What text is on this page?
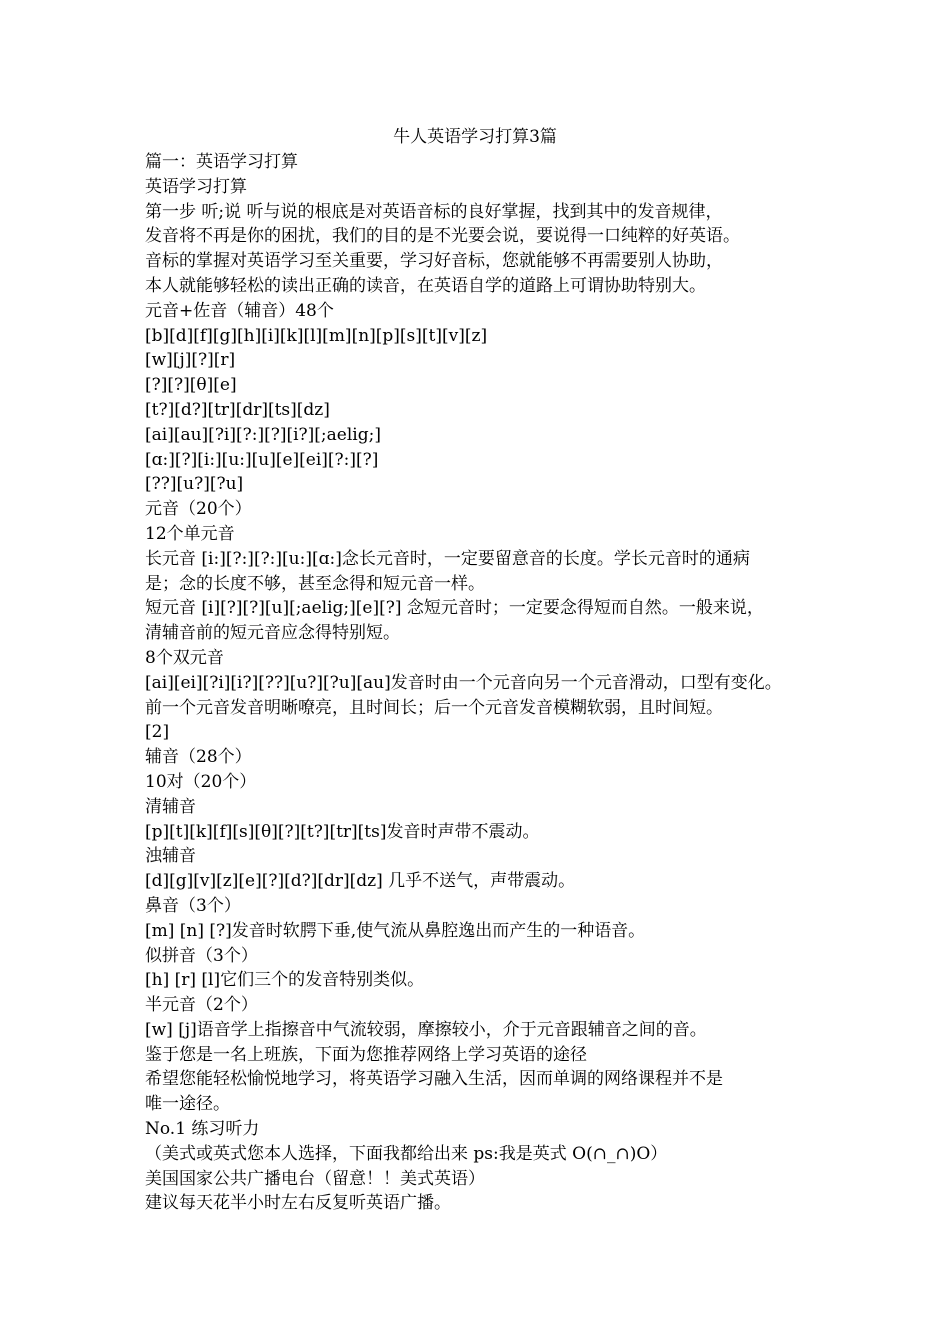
牛人英语学习打算3篇

篇一：英语学习打算

英语学习打算

第一步 听;说 听与说的根底是对英语音标的良好掌握，找到其中的发音规律，

发音将不再是你的困扰，我们的目的是不光要会说，要说得一口纯粹的好英语。

音标的掌握对英语学习至关重要，学习好音标，您就能够不再需要别人协助，

本人就能够轻松的读出正确的读音，在英语自学的道路上可谓协助特别大。

元音+佐音（辅音）48个

[b][d][f][g][h][i][k][l][m][n][p][s][t][v][z]

[w][j][?][r]

[?][?][θ][e]

[t?][d?][tr][dr][ts][dz]

[ai][au][?i][?:][?][i?][;aelig;]

[ɑ:][?][i:][u:][u][e][ei][?:][?]

[??][u?][?u]

元音（20个）

12个单元音

长元音 [i:][?:][?:][u:][ɑ:]念长元音时，一定要留意音的长度。学长元音时的通病

是；念的长度不够，甚至念得和短元音一样。

短元音 [i][?][?][u][;aelig;][e][?] 念短元音时；一定要念得短而自然。一般来说，

清辅音前的短元音应念得特别短。

8个双元音

[ai][ei][?i][i?][??][u?][?u][au]发音时由一个元音向另一个元音滑动，口型有变化。

前一个元音发音明晰嘹亮，且时间长；后一个元音发音模糊软弱，且时间短。

[2]

辅音（28个）

10对（20个）

清辅音

[p][t][k][f][s][θ][?][t?][tr][ts]发音时声带不震动。

浊辅音

[d][g][v][z][e][?][d?][dr][dz] 几乎不送气，声带震动。

鼻音（3个）

[m] [n] [?]发音时软腭下垂,使气流从鼻腔逸出而产生的一种语音。

似拼音（3个）

[h] [r] [l]它们三个的发音特别类似。

半元音（2个）

[w] [j]语音学上指擦音中气流较弱，摩擦较小，介于元音跟辅音之间的音。

鉴于您是一名上班族，下面为您推荐网络上学习英语的途径

希望您能轻松愉悦地学习，将英语学习融入生活，因而单调的网络课程并不是

唯一途径。

No.1 练习听力

（美式或英式您本人选择，下面我都给出来 ps:我是英式 O(∩_∩)O）

美国国家公共广播电台（留意！！美式英语）

建议每天花半小时左右反复听英语广播。
